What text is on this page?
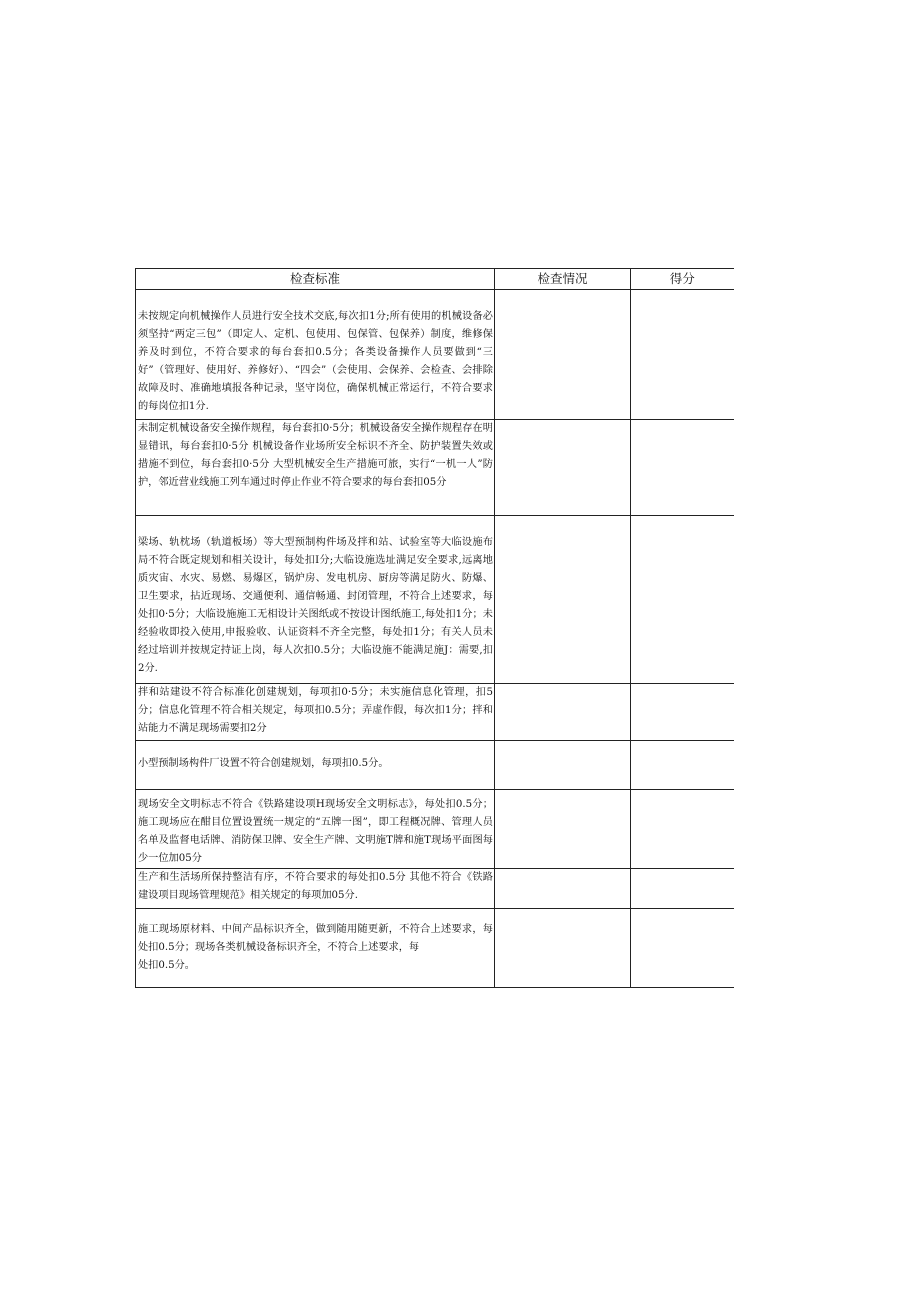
检查标准	检查情况	得分

未按规定向机械操作人员进行安全技术交底,每次扣1分;所有使用的机械设备必须坚持“两定三包”（即定人、定机、包使用、包保管、包保养）制度，维修保养及时到位，不符合要求的每台套扣0.5分；各类设备操作人员要做到“三好”（管理好、使用好、养修好）、“四会”（会使用、会保养、会检查、会排除故障及时、准确地填报各种记录，坚守岗位，确保机械正常运行，不符合要求的每岗位扣1分.		

未制定机械设备安全操作规程，每台套扣0·5分；机械设备安全操作规程存在明显错讯，每台套扣0·5分 机械设备作业场所安全标识不齐全、防护装置失效或措施不到位，每台套扣0·5分 大型机械安全生产措施可旅，实行“一机一人”防护，邻近营业线施工列车通过时停止作业不符合要求的每台套扣05分		

梁场、轨枕场（轨道板场）等大型预制构件场及拌和站、试验室等大临设施布局不符合既定规划和相关设计，每处扣I分;大临设施选址满足安全要求,远离地质灾宙、水灾、易燃、易爆区，锅炉房、发电机房、厨房等满足防火、防爆、卫生要求，拈近现场、交通便利、通信畅通、封闭管理，不符合上述要求，每处扣0·5分；大临设施施工无相设计关图纸或不按设计图纸施工,每处扣1分；未经验收即投入使用,申报验收、认证资料不齐全完整，每处扣1分；有关人员未经过培训并按规定持证上岗，每人次扣0.5分；大临设施不能满足施J：需要,扣2分.		

拌和站建设不符合标准化创建规划，每项扣0·5分；未实施信息化管理，扣5分；信息化管理不符合相关规定，每项扣0.5分；弄虚作假，每次扣1分；拌和站能力不满足现场需要扣2分		

小型预制场构件厂设置不符合创建规划，每项扣0.5分。		

现场安全文明标志不符合《铁路建设项H现场安全文明标志》，每处扣0.5分；施工现场应在酣目位置设置统一规定的“五牌一图”，即工程概况牌、管理人员名单及监督电话牌、消防保卫牌、安全生产牌、文明施T牌和施T现场平面图每少一位加05分		

生产和生活场所保持整洁有序，不符合要求的每处扣0.5分 其他不符合《铁路建设项目现场管理规范》相关规定的每项加05分.		

施工现场原材料、中间产品标识齐全，做到随用随更新，不符合上述要求，每处扣0.5分；现场各类机械设备标识齐全，不符合上述要求，每
处扣0.5分。		
